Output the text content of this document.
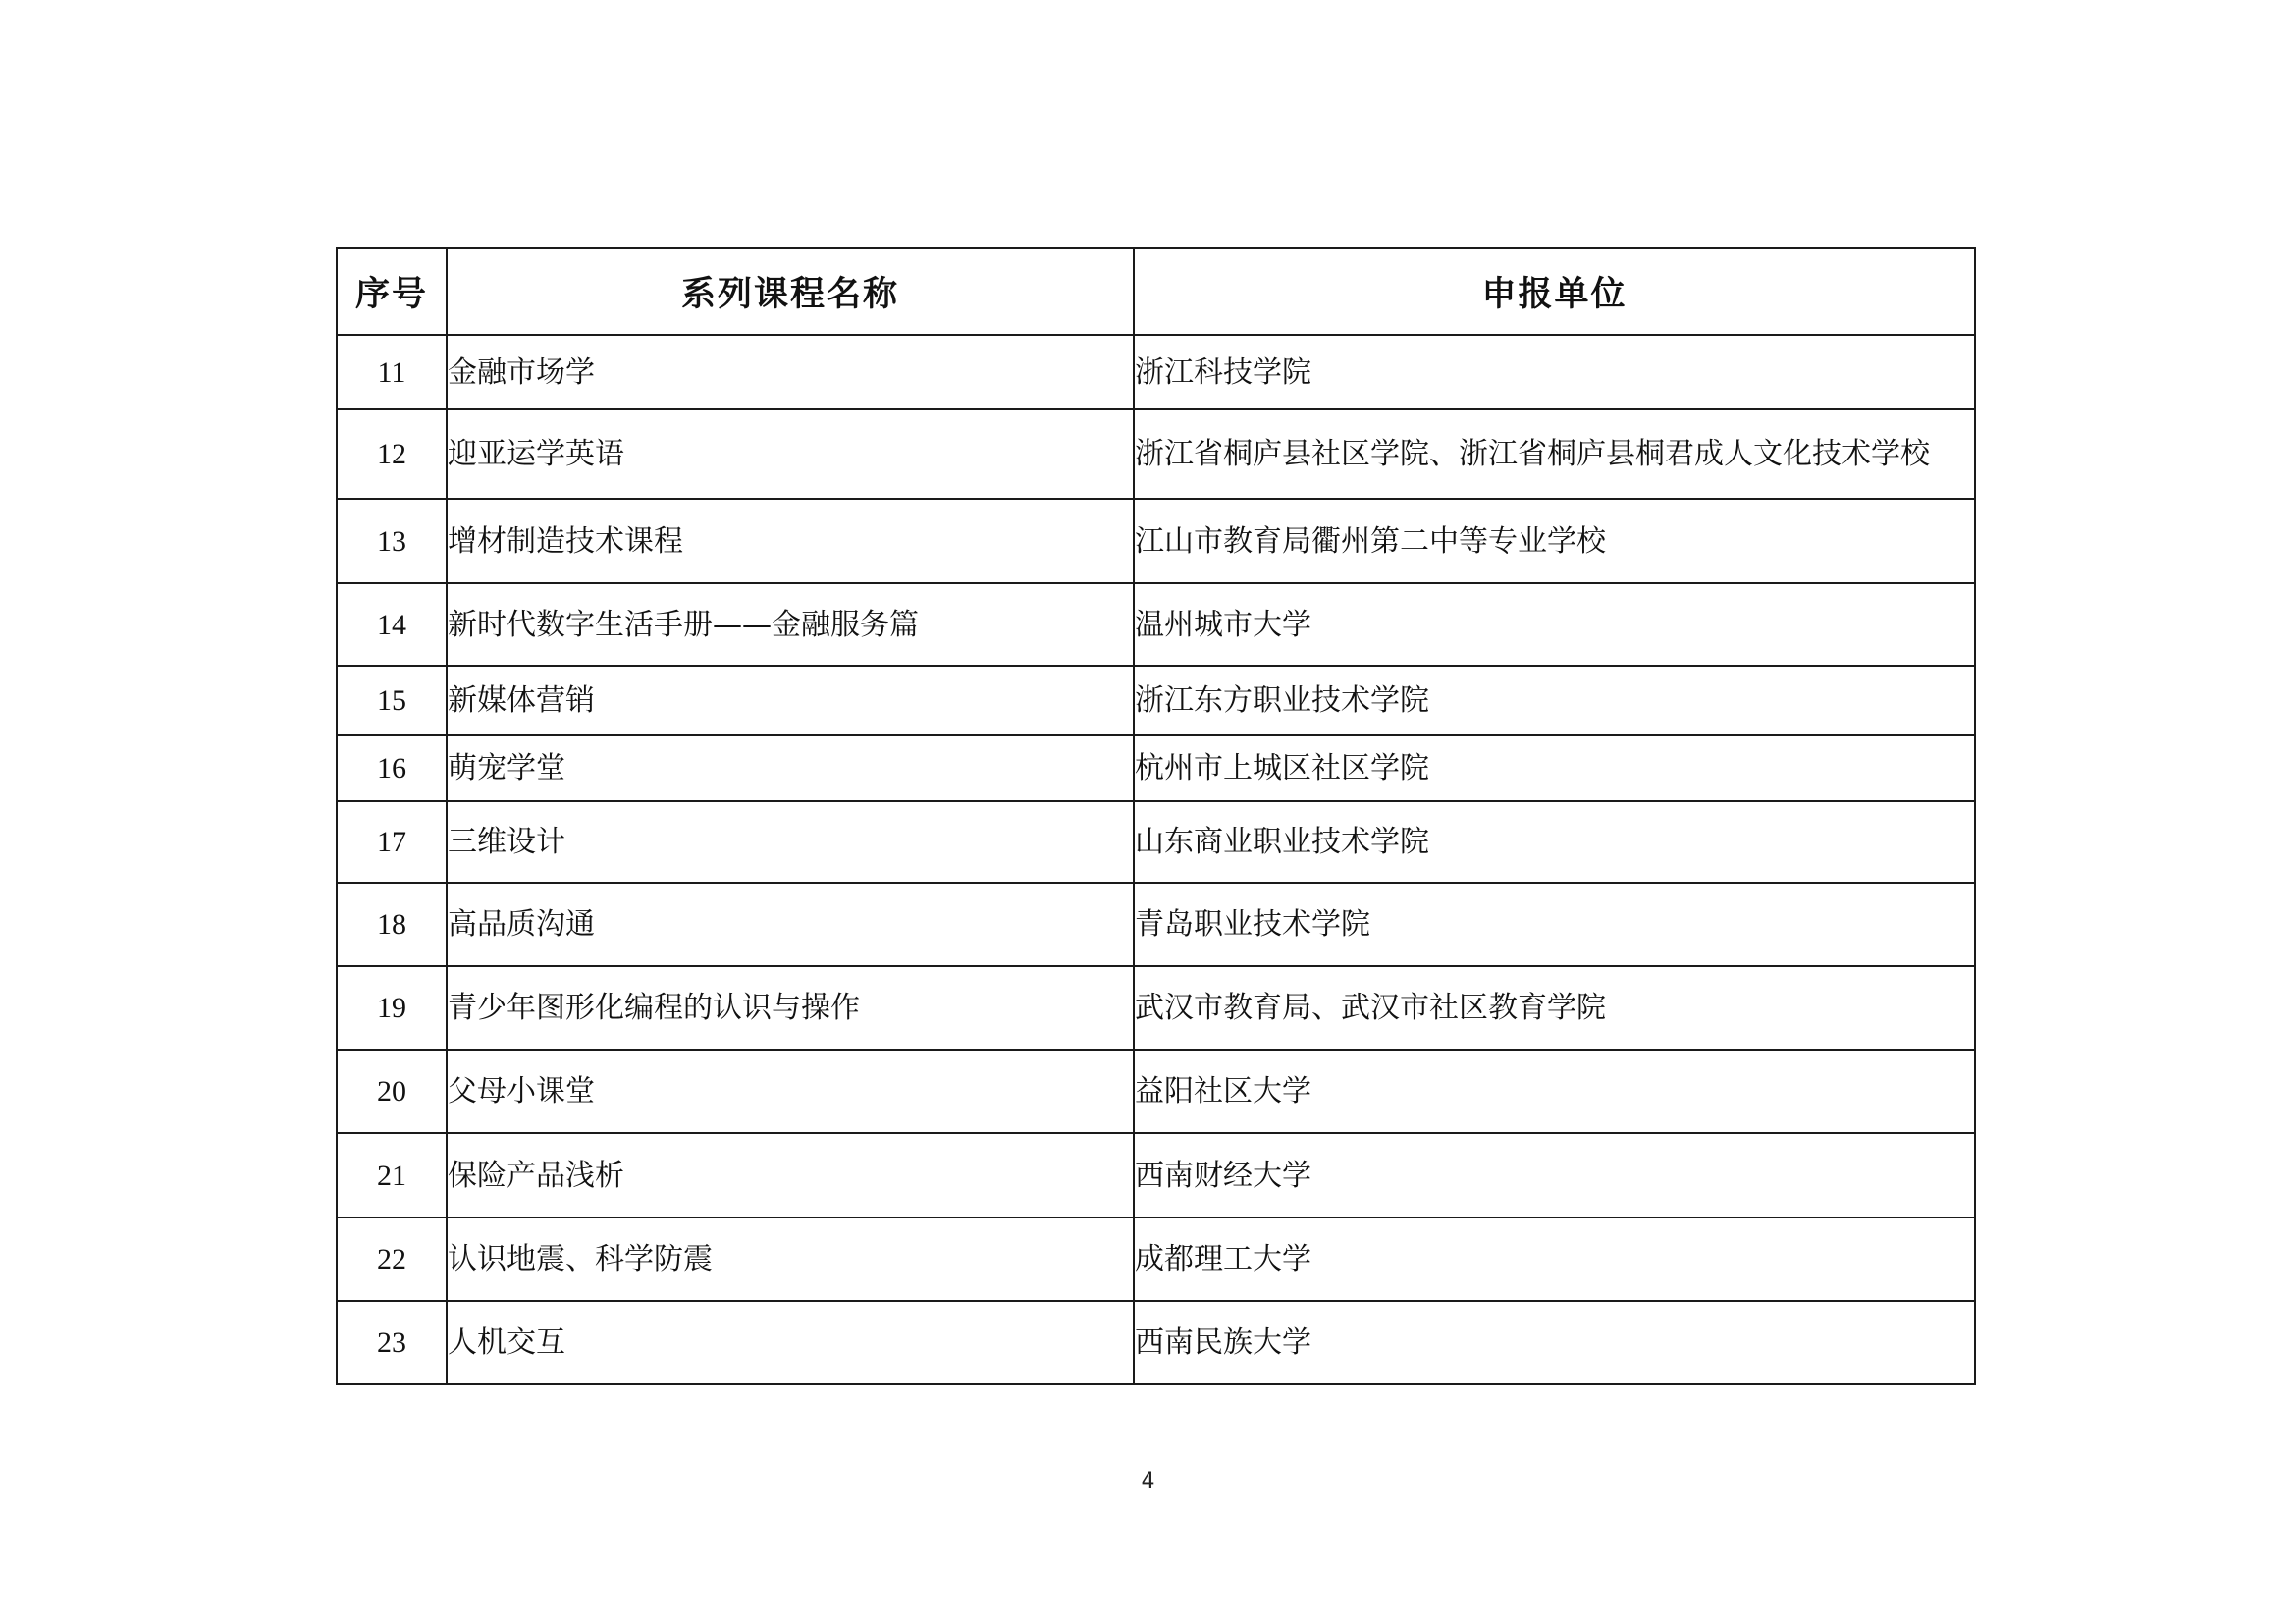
序号	系列课程名称	申报单位
11	金融市场学	浙江科技学院
12	迎亚运学英语	浙江省桐庐县社区学院、浙江省桐庐县桐君成人文化技术学校
13	增材制造技术课程	江山市教育局衢州第二中等专业学校
14	新时代数字生活手册——金融服务篇	温州城市大学
15	新媒体营销	浙江东方职业技术学院
16	萌宠学堂	杭州市上城区社区学院
17	三维设计	山东商业职业技术学院
18	高品质沟通	青岛职业技术学院
19	青少年图形化编程的认识与操作	武汉市教育局、武汉市社区教育学院
20	父母小课堂	益阳社区大学
21	保险产品浅析	西南财经大学
22	认识地震、科学防震	成都理工大学
23	人机交互	西南民族大学
4
